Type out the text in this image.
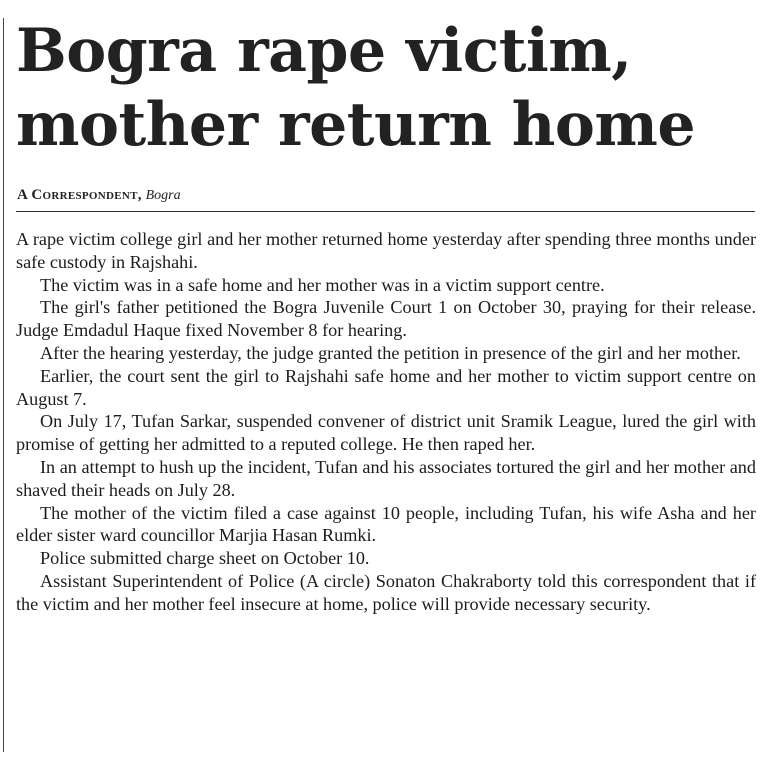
Bogra rape victim, mother return home
A Correspondent, Bogra

A rape victim college girl and her mother returned home yesterday after spending three months under safe custody in Rajshahi.

The victim was in a safe home and her mother was in a victim support centre.

The girl's father petitioned the Bogra Juvenile Court 1 on October 30, praying for their release. Judge Emdadul Haque fixed November 8 for hearing.

After the hearing yesterday, the judge granted the petition in presence of the girl and her mother.

Earlier, the court sent the girl to Rajshahi safe home and her mother to victim support centre on August 7.

On July 17, Tufan Sarkar, suspended convener of district unit Sramik League, lured the girl with promise of getting her admitted to a reputed college. He then raped her.

In an attempt to hush up the incident, Tufan and his associates tortured the girl and her mother and shaved their heads on July 28.

The mother of the victim filed a case against 10 people, including Tufan, his wife Asha and her elder sister ward councillor Marjia Hasan Rumki.

Police submitted charge sheet on October 10.

Assistant Superintendent of Police (A circle) Sonaton Chakraborty told this correspondent that if the victim and her mother feel insecure at home, police will provide necessary security.
